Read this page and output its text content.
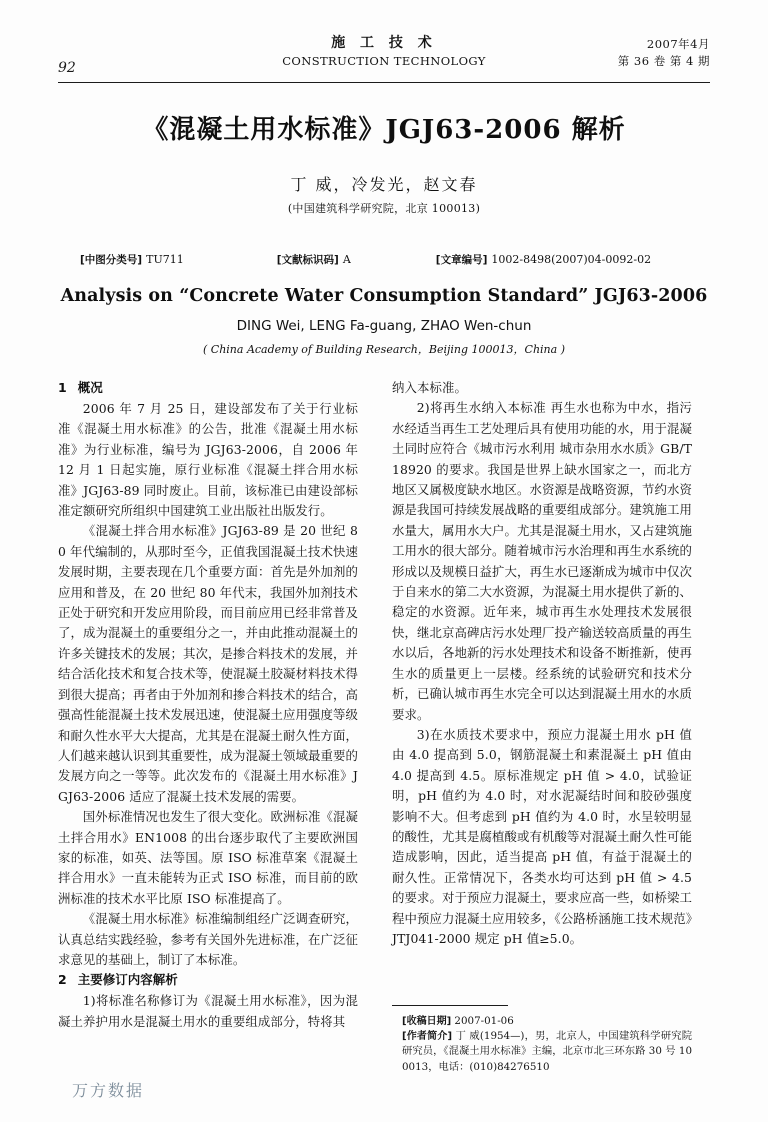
92
施 工 技 术
CONSTRUCTION TECHNOLOGY
2007年4月
第 36 卷 第 4 期
《混凝土用水标准》JGJ63-2006 解析
丁 威，冷发光，赵文春
(中国建筑科学研究院，北京 100013)
[中图分类号] TU711	[文献标识码] A	[文章编号] 1002-8498(2007)04-0092-02
Analysis on “Concrete Water Consumption Standard” JGJ63-2006
DING Wei, LENG Fa-guang, ZHAO Wen-chun
( China Academy of Building Research，Beijing 100013，China )
1 概况

2006 年 7 月 25 日，建设部发布了关于行业标准《混凝土用水标准》的公告，批准《混凝土用水标准》为行业标准，编号为 JGJ63-2006，自 2006 年 12 月 1 日起实施，原行业标准《混凝土拌合用水标准》JGJ63-89 同时废止。目前，该标准已由建设部标准定额研究所组织中国建筑工业出版社出版发行。

《混凝土拌合用水标准》JGJ63-89 是 20 世纪 80 年代编制的，从那时至今，正值我国混凝土技术快速发展时期，主要表现在几个重要方面：首先是外加剂的应用和普及，在 20 世纪 80 年代末，我国外加剂技术正处于研究和开发应用阶段，而目前应用已经非常普及了，成为混凝土的重要组分之一，并由此推动混凝土的许多关键技术的发展；其次，是掺合料技术的发展，并结合活化技术和复合技术等，使混凝土胶凝材料技术得到很大提高；再者由于外加剂和掺合料技术的结合，高强高性能混凝土技术发展迅速，使混凝土应用强度等级和耐久性水平大大提高，尤其是在混凝土耐久性方面，人们越来越认识到其重要性，成为混凝土领域最重要的发展方向之一等等。此次发布的《混凝土用水标准》JGJ63-2006 适应了混凝土技术发展的需要。

国外标准情况也发生了很大变化。欧洲标准《混凝土拌合用水》EN1008 的出台逐步取代了主要欧洲国家的标准，如英、法等国。原 ISO 标准草案《混凝土拌合用水》一直未能转为正式 ISO 标准，而目前的欧洲标准的技术水平比原 ISO 标准提高了。

《混凝土用水标准》标准编制组经广泛调查研究，认真总结实践经验，参考有关国外先进标准，在广泛征求意见的基础上，制订了本标准。

2 主要修订内容解析

1)将标准名称修订为《混凝土用水标准》，因为混凝土养护用水是混凝土用水的重要组成部分，特将其

纳入本标准。

2)将再生水纳入本标准 再生水也称为中水，指污水经适当再生工艺处理后具有使用功能的水，用于混凝土同时应符合《城市污水利用 城市杂用水水质》GB/T18920 的要求。我国是世界上缺水国家之一，而北方地区又属极度缺水地区。水资源是战略资源，节约水资源是我国可持续发展战略的重要组成部分。建筑施工用水量大，属用水大户。尤其是混凝土用水，又占建筑施工用水的很大部分。随着城市污水治理和再生水系统的形成以及规模日益扩大，再生水已逐渐成为城市中仅次于自来水的第二大水资源，为混凝土用水提供了新的、稳定的水资源。近年来，城市再生水处理技术发展很快，继北京高碑店污水处理厂投产输送较高质量的再生水以后，各地新的污水处理技术和设备不断推新，使再生水的质量更上一层楼。经系统的试验研究和技术分析，已确认城市再生水完全可以达到混凝土用水的水质要求。

3)在水质技术要求中，预应力混凝土用水 pH 值由 4.0 提高到 5.0，钢筋混凝土和素混凝土 pH 值由 4.0 提高到 4.5。原标准规定 pH 值 > 4.0，试验证明，pH 值约为 4.0 时，对水泥凝结时间和胶砂强度影响不大。但考虑到 pH 值约为 4.0 时，水呈较明显的酸性，尤其是腐植酸或有机酸等对混凝土耐久性可能造成影响，因此，适当提高 pH 值，有益于混凝土的耐久性。正常情况下，各类水均可达到 pH 值 > 4.5 的要求。对于预应力混凝土，要求应高一些，如桥梁工程中预应力混凝土应用较多，《公路桥涵施工技术规范》JTJ041-2000 规定 pH 值≥5.0。

[收稿日期] 2007-01-06
[作者简介] 丁 威(1954—)，男，北京人，中国建筑科学研究院研究员，《混凝土用水标准》主编，北京市北三环东路 30 号 100013，电话：(010)84276510
万方数据
